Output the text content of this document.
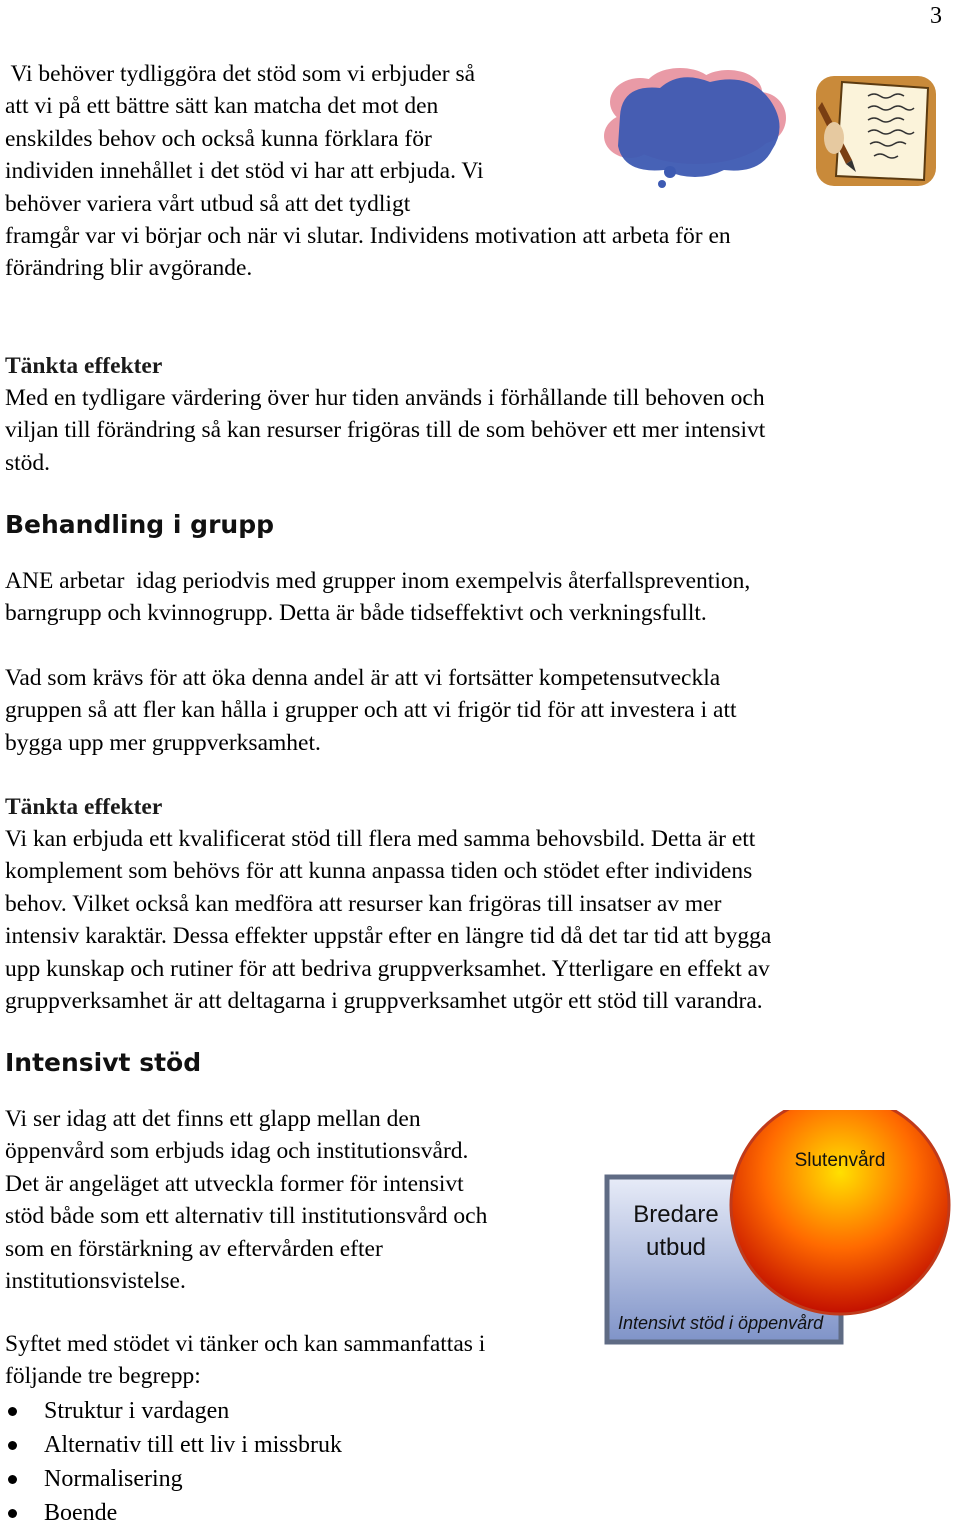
3

Vi behöver tydliggöra det stöd som vi erbjuder så

att vi på ett bättre sätt kan matcha det mot den

enskildes behov och också kunna förklara för

individen innehållet i det stöd vi har att erbjuda. Vi

behöver variera vårt utbud så att det tydligt

framgår var vi börjar och när vi slutar. Individens motivation att arbeta för en

förändring blir avgörande.

Tänkta effekter

Med en tydligare värdering över hur tiden används i förhållande till behoven och

viljan till förändring så kan resurser frigöras till de som behöver ett mer intensivt

stöd.

Behandling i grupp

ANE arbetar  idag periodvis med grupper inom exempelvis återfallsprevention,

barngrupp och kvinnogrupp. Detta är både tidseffektivt och verkningsfullt.

Vad som krävs för att öka denna andel är att vi fortsätter kompetensutveckla

gruppen så att fler kan hålla i grupper och att vi frigör tid för att investera i att

bygga upp mer gruppverksamhet.

Tänkta effekter

Vi kan erbjuda ett kvalificerat stöd till flera med samma behovsbild. Detta är ett

komplement som behövs för att kunna anpassa tiden och stödet efter individens

behov. Vilket också kan medföra att resurser kan frigöras till insatser av mer

intensiv karaktär. Dessa effekter uppstår efter en längre tid då det tar tid att bygga

upp kunskap och rutiner för att bedriva gruppverksamhet. Ytterligare en effekt av

gruppverksamhet är att deltagarna i gruppverksamhet utgör ett stöd till varandra.

Intensivt stöd

Vi ser idag att det finns ett glapp mellan den

öppenvård som erbjuds idag och institutionsvård.

Det är angeläget att utveckla former för intensivt

stöd både som ett alternativ till institutionsvård och

som en förstärkning av eftervården efter

institutionsvistelse.

Syftet med stödet vi tänker och kan sammanfattas i

följande tre begrepp:

Struktur i vardagen
Alternativ till ett liv i missbruk
Normalisering
Boende
Bredare
utbud
Slutenvård
Intensivt stöd i öppenvård
